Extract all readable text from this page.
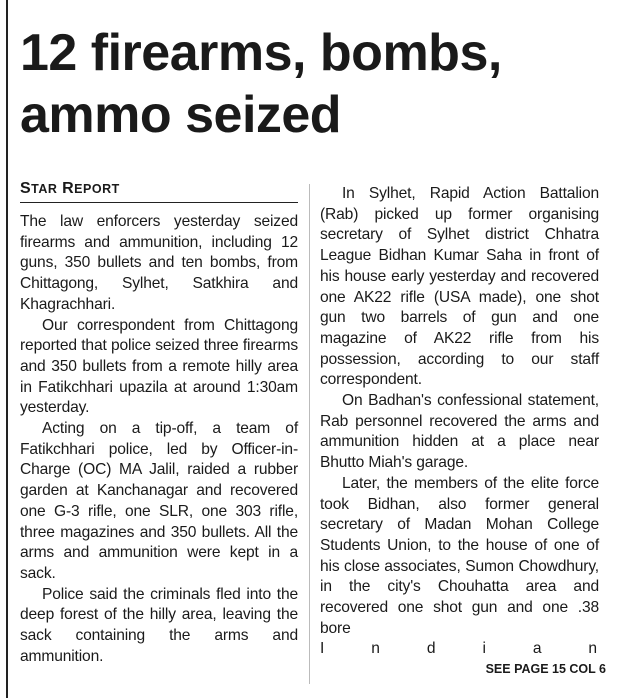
12 firearms, bombs,
ammo seized

STAR REPORT

The law enforcers yesterday seized firearms and ammunition, including 12 guns, 350 bullets and ten bombs, from Chittagong, Sylhet, Satkhira and Khagrachhari.

Our correspondent from Chittagong reported that police seized three firearms and 350 bullets from a remote hilly area in Fatikchhari upazila at around 1:30am yesterday.

Acting on a tip-off, a team of Fatikchhari police, led by Officer-in-Charge (OC) MA Jalil, raided a rubber garden at Kanchanagar and recovered one G-3 rifle, one SLR, one 303 rifle, three magazines and 350 bullets. All the arms and ammunition were kept in a sack.

Police said the criminals fled into the deep forest of the hilly area, leaving the sack containing the arms and ammunition.

In Sylhet, Rapid Action Battalion (Rab) picked up former organising secretary of Sylhet district Chhatra League Bidhan Kumar Saha in front of his house early yesterday and recovered one AK22 rifle (USA made), one shot gun two barrels of gun and one magazine of AK22 rifle from his possession, according to our staff correspondent.

On Badhan's confessional statement, Rab personnel recovered the arms and ammunition hidden at a place near Bhutto Miah's garage.

Later, the members of the elite force took Bidhan, also former general secretary of Madan Mohan College Students Union, to the house of one of his close associates, Sumon Chowdhury, in the city's Chouhatta area and recovered one shot gun and one .38 bore

I	n	d	i	a	n

SEE PAGE 15 COL 6
